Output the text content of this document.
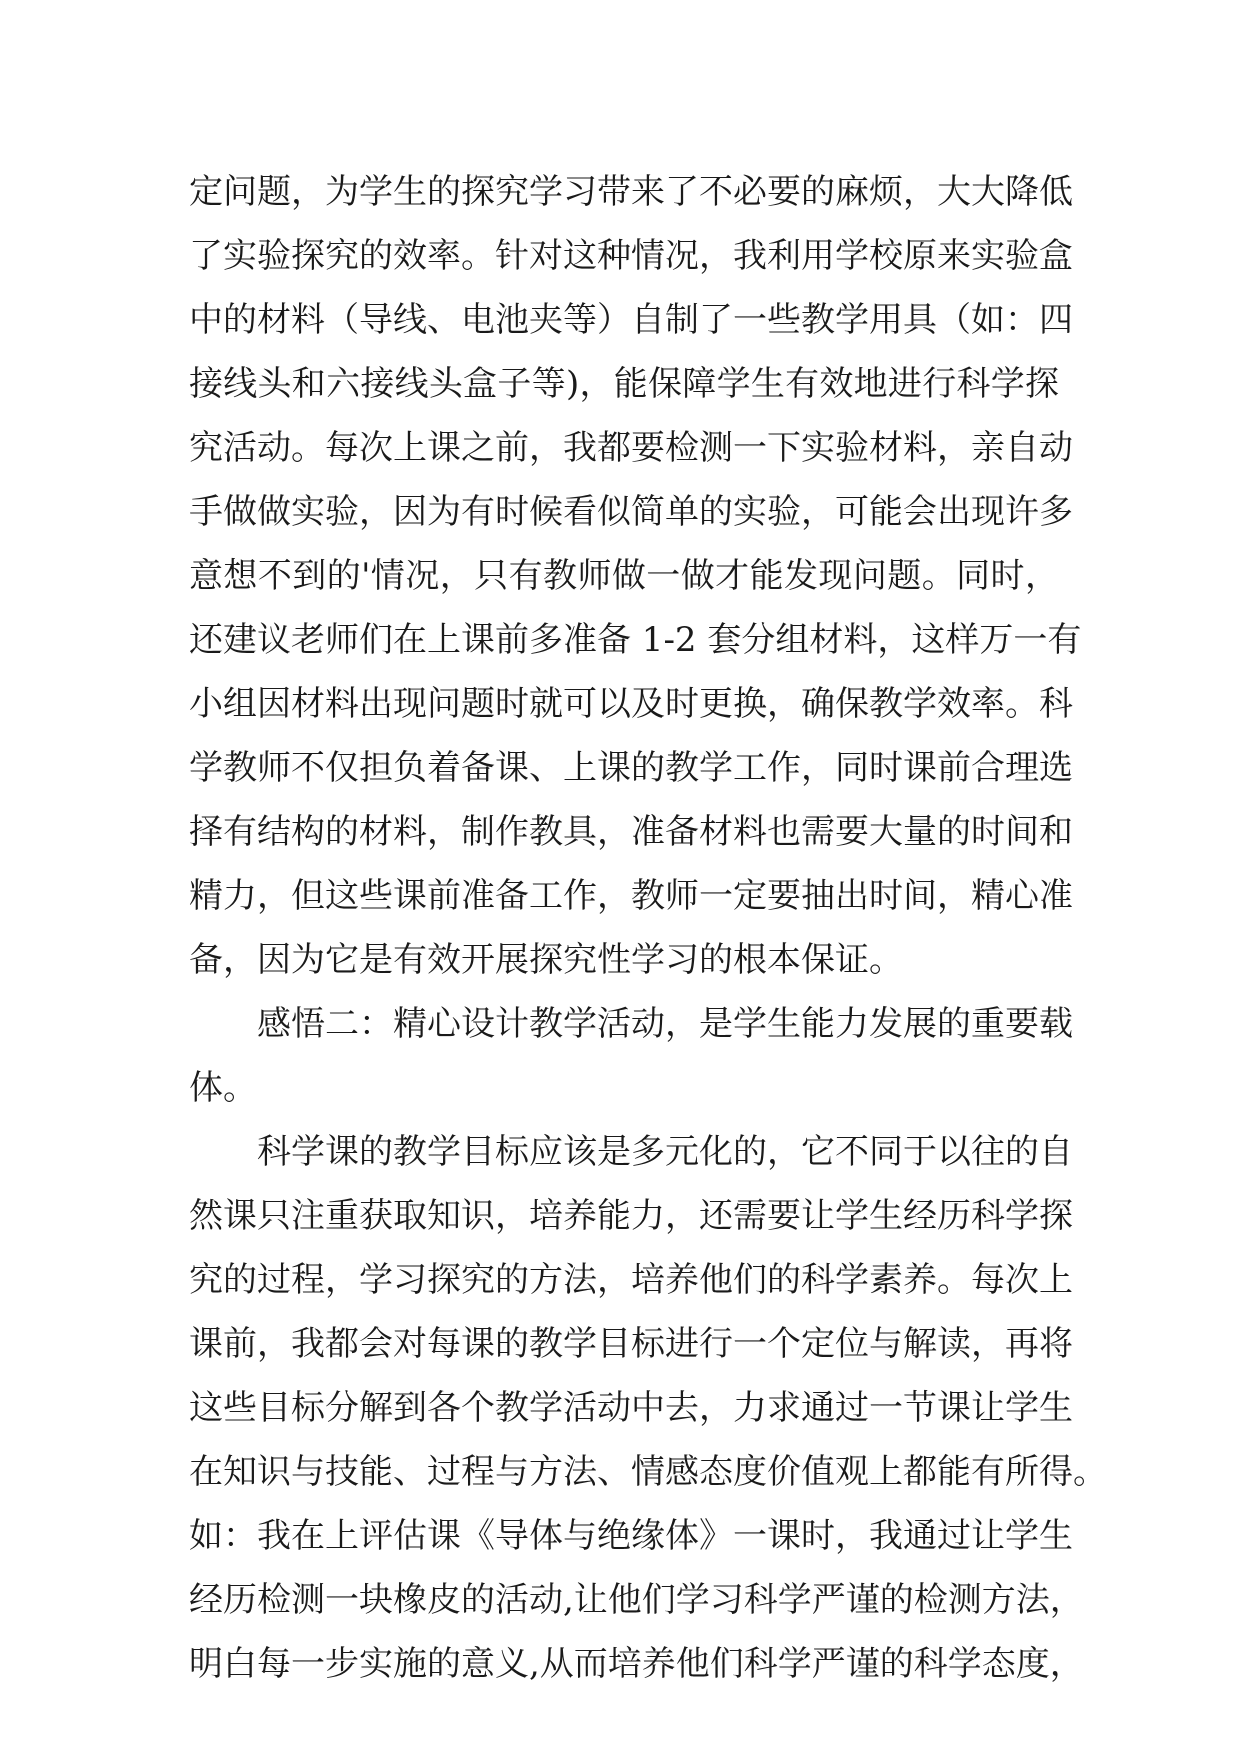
定问题，为学生的探究学习带来了不必要的麻烦，大大降低
了实验探究的效率。针对这种情况，我利用学校原来实验盒
中的材料（导线、电池夹等）自制了一些教学用具（如：四
接线头和六接线头盒子等)，能保障学生有效地进行科学探
究活动。每次上课之前，我都要检测一下实验材料，亲自动
手做做实验，因为有时候看似简单的实验，可能会出现许多
意想不到的'情况，只有教师做一做才能发现问题。同时，
还建议老师们在上课前多准备 1-2 套分组材料，这样万一有
小组因材料出现问题时就可以及时更换，确保教学效率。科
学教师不仅担负着备课、上课的教学工作，同时课前合理选
择有结构的材料，制作教具，准备材料也需要大量的时间和
精力，但这些课前准备工作，教师一定要抽出时间，精心准
备，因为它是有效开展探究性学习的根本保证。
感悟二：精心设计教学活动，是学生能力发展的重要载
体。
科学课的教学目标应该是多元化的，它不同于以往的自
然课只注重获取知识，培养能力，还需要让学生经历科学探
究的过程，学习探究的方法，培养他们的科学素养。每次上
课前，我都会对每课的教学目标进行一个定位与解读，再将
这些目标分解到各个教学活动中去，力求通过一节课让学生
在知识与技能、过程与方法、情感态度价值观上都能有所得。
如：我在上评估课《导体与绝缘体》一课时，我通过让学生
经历检测一块橡皮的活动,让他们学习科学严谨的检测方法，
明白每一步实施的意义,从而培养他们科学严谨的科学态度，
